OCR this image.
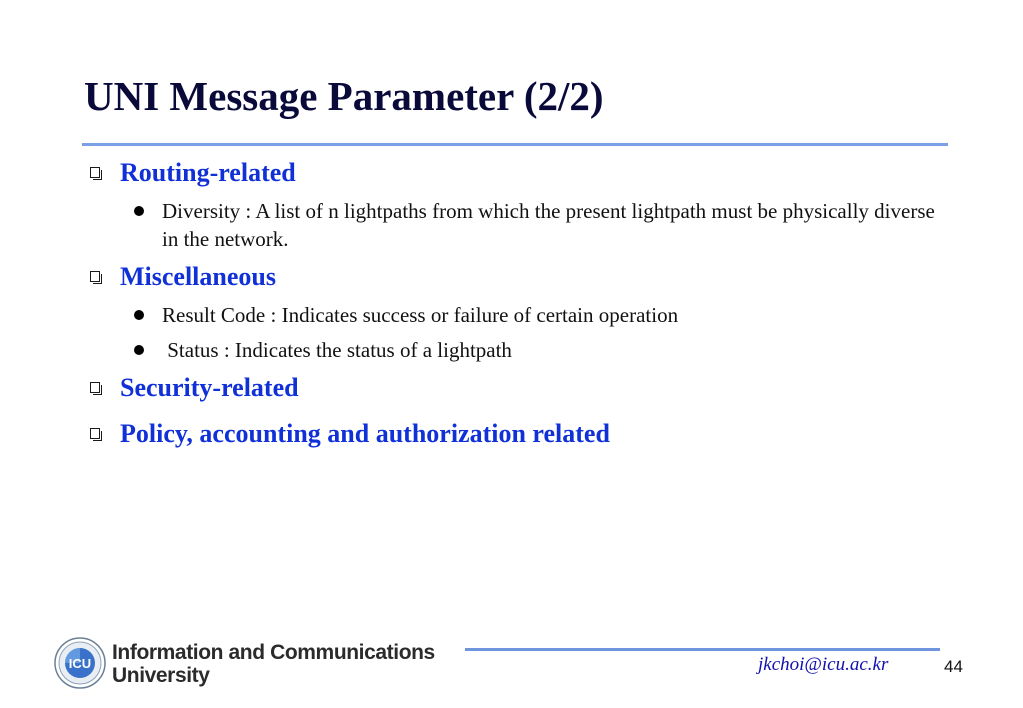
UNI Message Parameter (2/2)
Routing-related
Diversity : A list of n lightpaths from which the present lightpath must be physically diverse in the network.
Miscellaneous
Result Code : Indicates success or failure of certain operation
Status : Indicates the status of a lightpath
Security-related
Policy, accounting and authorization related
ICU Information and Communications
University	jkchoi@icu.ac.kr	44
